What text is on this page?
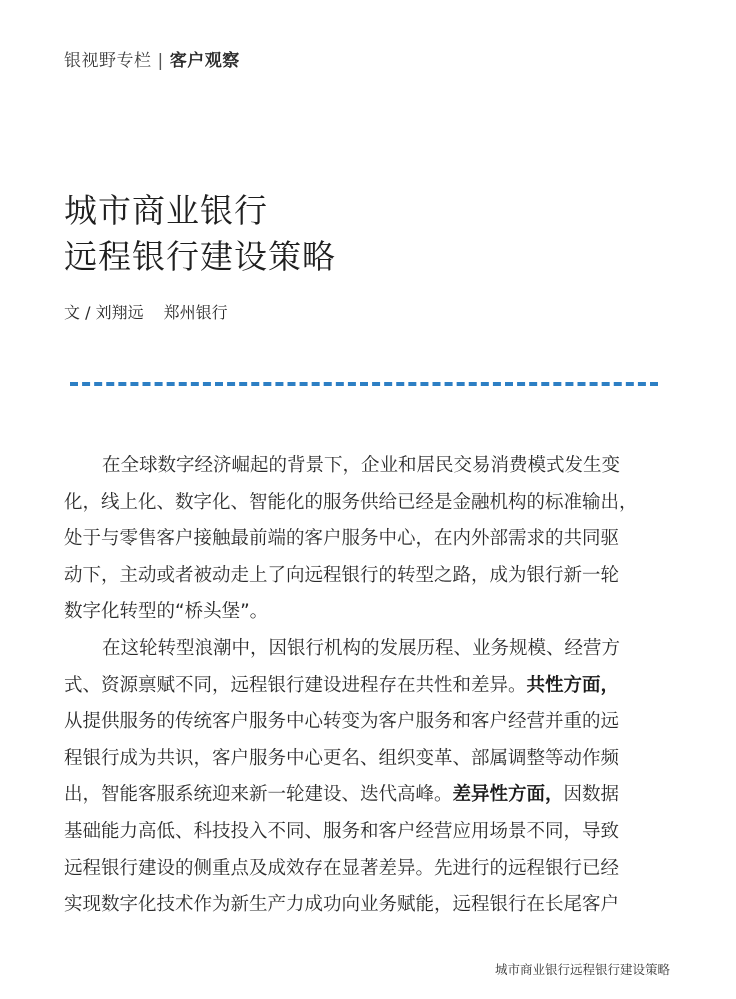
银视野专栏 | 客户观察
城市商业银行
远程银行建设策略
文 / 刘翔远 郑州银行
在全球数字经济崛起的背景下，企业和居民交易消费模式发生变
化，线上化、数字化、智能化的服务供给已经是金融机构的标准输出，
处于与零售客户接触最前端的客户服务中心，在内外部需求的共同驱
动下，主动或者被动走上了向远程银行的转型之路，成为银行新一轮
数字化转型的“桥头堡”。
在这轮转型浪潮中，因银行机构的发展历程、业务规模、经营方
式、资源禀赋不同，远程银行建设进程存在共性和差异。共性方面，
从提供服务的传统客户服务中心转变为客户服务和客户经营并重的远
程银行成为共识，客户服务中心更名、组织变革、部属调整等动作频
出，智能客服系统迎来新一轮建设、迭代高峰。差异性方面，因数据
基础能力高低、科技投入不同、服务和客户经营应用场景不同，导致
远程银行建设的侧重点及成效存在显著差异。先进行的远程银行已经
实现数字化技术作为新生产力成功向业务赋能，远程银行在长尾客户
城市商业银行远程银行建设策略
